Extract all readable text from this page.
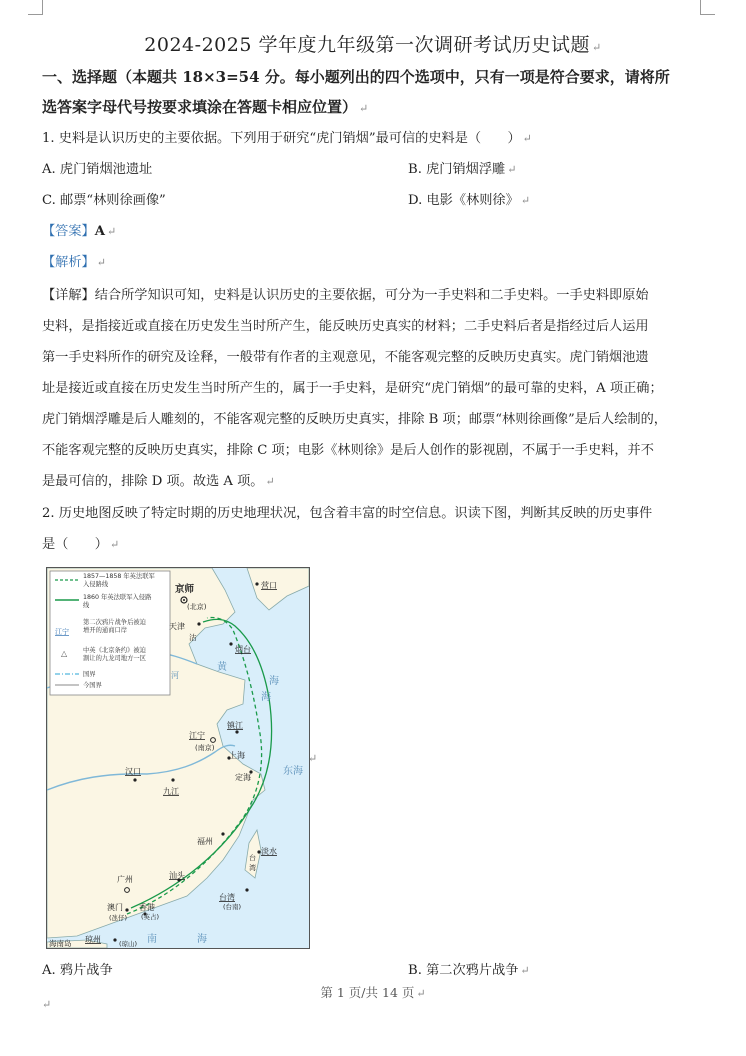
2024-2025 学年度九年级第一次调研考试历史试题 ↵
一、选择题（本题共 18×3=54 分。每小题列出的四个选项中，只有一项是符合要求，请将所
选答案字母代号按要求填涂在答题卡相应位置） ↵
1. 史料是认识历史的主要依据。下列用于研究“虎门销烟”最可信的史料是（　　） ↵
A. 虎门销烟池遗址	B. 虎门销烟浮雕 ↵
C. 邮票“林则徐画像”	D. 电影《林则徐》 ↵
【答案】A ↵
【解析】 ↵
【详解】结合所学知识可知，史料是认识历史的主要依据，可分为一手史料和二手史料。一手史料即原始
史料，是指接近或直接在历史发生当时所产生，能反映历史真实的材料；二手史料后者是指经过后人运用
第一手史料所作的研究及诠释，一般带有作者的主观意见，不能客观完整的反映历史真实。虎门销烟池遗
址是接近或直接在历史发生当时所产生的，属于一手史料，是研究“虎门销烟”的最可靠的史料，A 项正确；
虎门销烟浮雕是后人雕刻的，不能客观完整的反映历史真实，排除 B 项；邮票“林则徐画像”是后人绘制的，
不能客观完整的反映历史真实，排除 C 项；电影《林则徐》是后人创作的影视剧，不属于一手史料，并不
是最可信的，排除 D 项。故选 A 项。 ↵
2. 历史地图反映了特定时期的历史地理状况，包含着丰富的时空信息。识读下图，判断其反映的历史事件
是（　　） ↵
江宁
△
1857—1858 年英法联军
入侵路线
1860 年英法联军入侵路
线
第二次鸦片战争后被迫
增开的通商口岸
中英《北京条约》被迫
割让的九龙司地方一区
国界
今国界
京师
(北京)
营口
天津
沽
烟台
镇江
江宁
(南京)
上海
定海
汉口
九江
福州
淡水
汕头
广州
澳门
(氹仔)
香港
(英占)
台
湾
台湾
(台南)
海南岛 琼州	(琼山)
黄
海
海
东海
南	海
河
↵
A. 鸦片战争	B. 第二次鸦片战争 ↵
第 1 页/共 14 页 ↵
↵
